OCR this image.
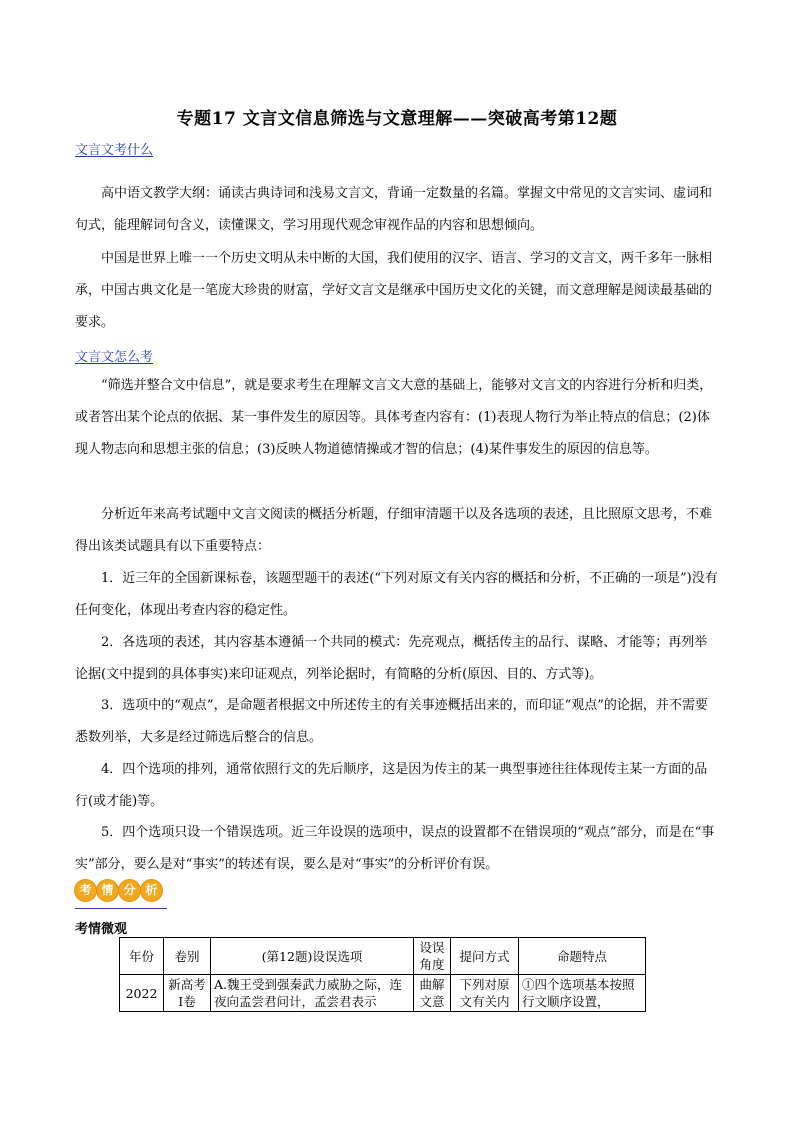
专题17 文言文信息筛选与文意理解——突破高考第12题
文言文考什么

高中语文教学大纲：诵读古典诗词和浅易文言文，背诵一定数量的名篇。掌握文中常见的文言实词、虚词和句式，能理解词句含义，读懂课文，学习用现代观念审视作品的内容和思想倾向。

中国是世界上唯一一个历史文明从未中断的大国，我们使用的汉字、语言、学习的文言文，两千多年一脉相承，中国古典文化是一笔庞大珍贵的财富，学好文言文是继承中国历史文化的关键，而文意理解是阅读最基础的要求。

文言文怎么考

“筛选并整合文中信息”，就是要求考生在理解文言文大意的基础上，能够对文言文的内容进行分析和归类，或者答出某个论点的依据、某一事件发生的原因等。具体考查内容有：(1)表现人物行为举止特点的信息；(2)体现人物志向和思想主张的信息；(3)反映人物道德情操或才智的信息；(4)某件事发生的原因的信息等。

分析近年来高考试题中文言文阅读的概括分析题，仔细审清题干以及各选项的表述，且比照原文思考，不难得出该类试题具有以下重要特点：

1．近三年的全国新课标卷，该题型题干的表述(“下列对原文有关内容的概括和分析，不正确的一项是”)没有任何变化，体现出考查内容的稳定性。

2．各选项的表述，其内容基本遵循一个共同的模式：先亮观点，概括传主的品行、谋略、才能等；再列举论据(文中提到的具体事实)来印证观点，列举论据时，有简略的分析(原因、目的、方式等)。

3．选项中的“观点”，是命题者根据文中所述传主的有关事迹概括出来的，而印证“观点”的论据，并不需要悉数列举，大多是经过筛选后整合的信息。

4．四个选项的排列，通常依照行文的先后顺序，这是因为传主的某一典型事迹往往体现传主某一方面的品行(或才能)等。

5．四个选项只设一个错误选项。近三年设误的选项中，误点的设置都不在错误项的“观点”部分，而是在“事实”部分，要么是对“事实”的转述有误，要么是对“事实”的分析评价有误。

考 情 分 析
考情微观
年份	卷别	(第12题)设误选项	设误角度	提问方式	命题特点
2022	新高考Ⅰ卷	A.魏王受到强秦武力威胁之际，连夜向孟尝君问计，孟尝君表示	曲解文意	下列对原文有关内	①四个选项基本按照行文顺序设置，
